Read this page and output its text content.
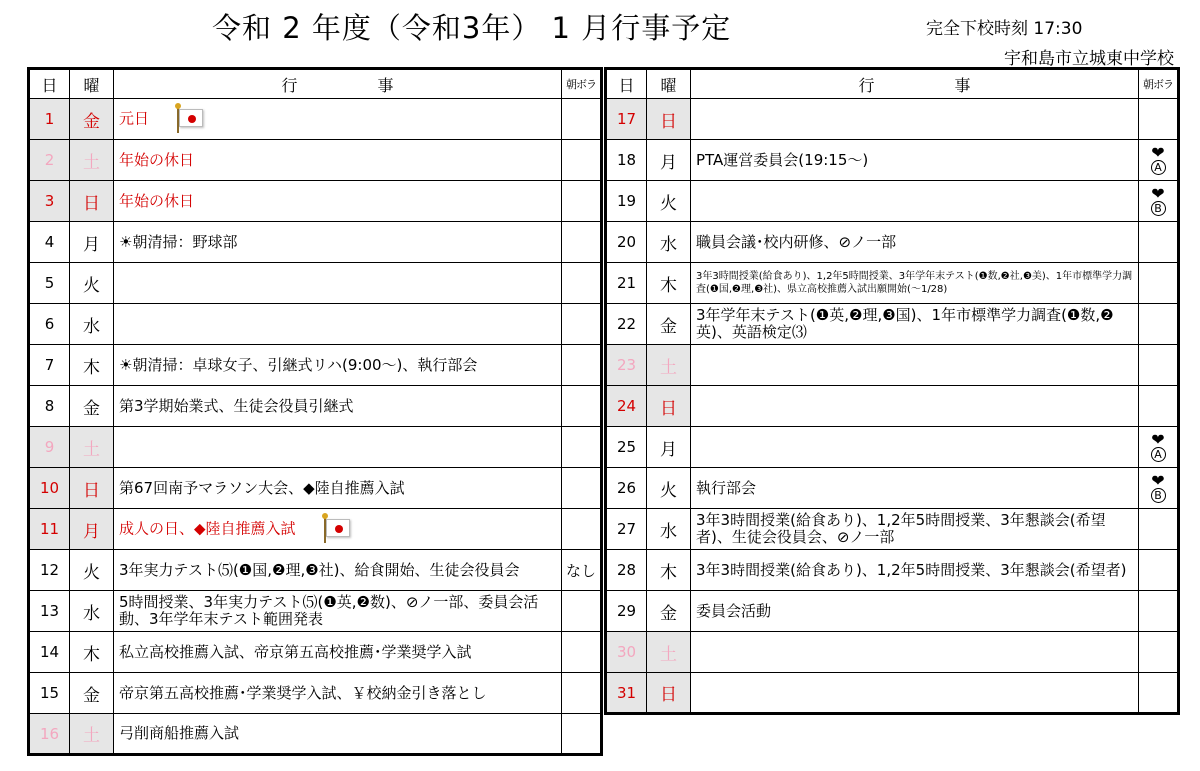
令和 2 年度（令和3年） 1 月行事予定	完全下校時刻 17:30
宇和島市立城東中学校
日	曜	行　　　　　事	朝ボラ
1	金	元日

2	土	年始の休日	
3	日	年始の休日	
4	月	☀朝清掃：野球部	
5	火		
6	水		
7	木	☀朝清掃：卓球女子、引継式リハ(9:00～)、執行部会	
8	金	第3学期始業式、生徒会役員引継式	
9	土		
10	日	第67回南予マラソン大会、◆陸自推薦入試	
11	月	成人の日、◆陸自推薦入試

12	火	3年実力テスト⑸(❶国,❷理,❸社)、給食開始、生徒会役員会	なし
13	水	5時間授業、3年実力テスト⑸(❶英,❷数)、⊘ノ一部、委員会活動、3年学年末テスト範囲発表	
14	木	私立高校推薦入試、帝京第五高校推薦･学業奨学入試	
15	金	帝京第五高校推薦･学業奨学入試、￥校納金引き落とし	
16	土	弓削商船推薦入試	
日	曜	行　　　　　事	朝ボラ
17	日		
18	月	PTA運営委員会(19:15～)	❤
A

19	火		❤
B

20	水	職員会議･校内研修、⊘ノ一部	
21	木	3年3時間授業(給食あり)、1,2年5時間授業、3年学年末テスト(❶数,❷社,❸美)、1年市標準学力調査(❶国,❷理,❸社)、県立高校推薦入試出願開始(～1/28)	
22	金	3年学年末テスト(❶英,❷理,❸国)、1年市標準学力調査(❶数,❷英)、英語検定⑶	
23	土		
24	日		
25	月		❤
A

26	火	執行部会	❤
B

27	水	3年3時間授業(給食あり)、1,2年5時間授業、3年懇談会(希望者)、生徒会役員会、⊘ノ一部	
28	木	3年3時間授業(給食あり)、1,2年5時間授業、3年懇談会(希望者)	
29	金	委員会活動	
30	土		
31	日		
